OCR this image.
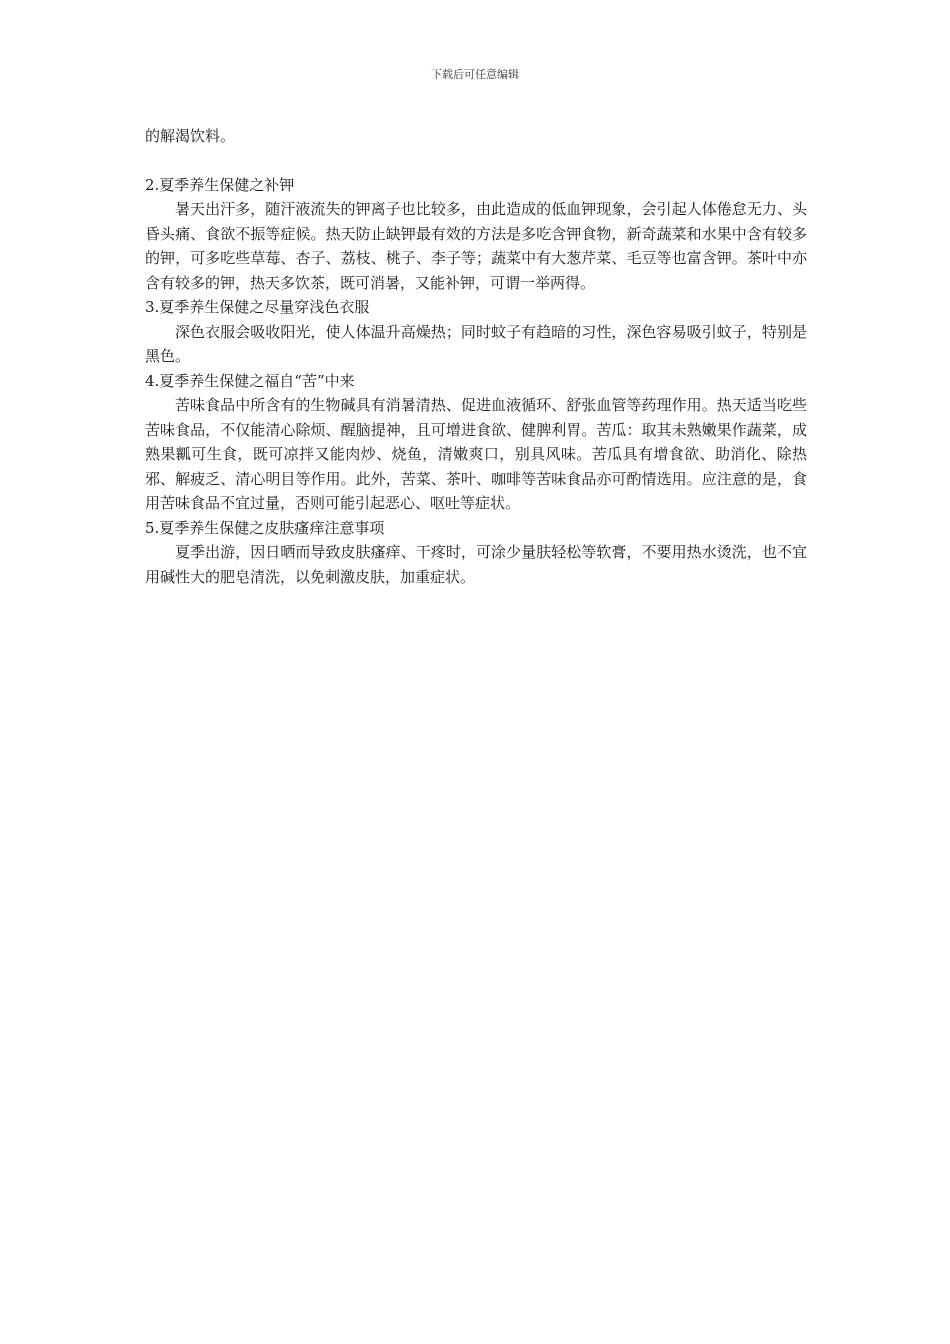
下载后可任意编辑

的解渴饮料。

2.夏季养生保健之补钾

暑天出汗多，随汗液流失的钾离子也比较多，由此造成的低血钾现象，会引起人体倦怠无力、头昏头痛、食欲不振等症候。热天防止缺钾最有效的方法是多吃含钾食物，新奇蔬菜和水果中含有较多的钾，可多吃些草莓、杏子、荔枝、桃子、李子等；蔬菜中有大葱芹菜、毛豆等也富含钾。茶叶中亦含有较多的钾，热天多饮茶，既可消暑，又能补钾，可谓一举两得。

3.夏季养生保健之尽量穿浅色衣服

深色衣服会吸收阳光，使人体温升高燥热；同时蚊子有趋暗的习性，深色容易吸引蚊子，特别是黑色。

4.夏季养生保健之福自“苦”中来

苦味食品中所含有的生物碱具有消暑清热、促进血液循环、舒张血管等药理作用。热天适当吃些苦味食品，不仅能清心除烦、醒脑提神，且可增进食欲、健脾利胃。苦瓜：取其未熟嫩果作蔬菜，成熟果瓤可生食，既可凉拌又能肉炒、烧鱼，清嫩爽口，别具风味。苦瓜具有增食欲、助消化、除热邪、解疲乏、清心明目等作用。此外，苦菜、茶叶、咖啡等苦味食品亦可酌情选用。应注意的是，食用苦味食品不宜过量，否则可能引起恶心、呕吐等症状。

5.夏季养生保健之皮肤瘙痒注意事项

夏季出游，因日晒而导致皮肤瘙痒、干疼时，可涂少量肤轻松等软膏，不要用热水烫洗，也不宜用碱性大的肥皂清洗，以免刺激皮肤，加重症状。
